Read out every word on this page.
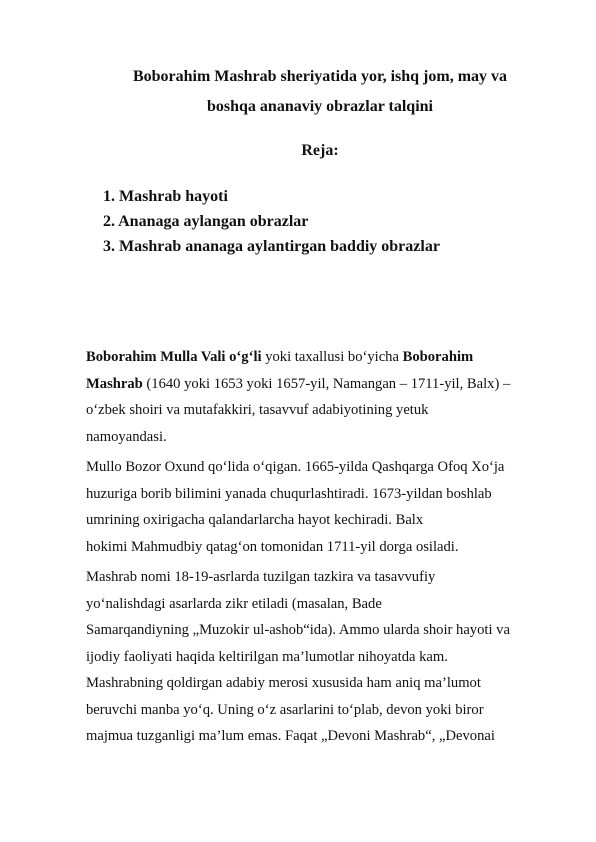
Boborahim Mashrab sheriyatida yor, ishq jom, may va
boshqa ananaviy obrazlar talqini
Reja:
1. Mashrab hayoti
2. Ananaga aylangan obrazlar
3. Mashrab ananaga aylantirgan baddiy obrazlar

Boborahim Mulla Vali o‘g‘li yoki taxallusi bo‘yicha Boborahim
Mashrab (1640 yoki 1653 yoki 1657-yil, Namangan – 1711-yil, Balx) –
o‘zbek shoiri va mutafakkiri, tasavvuf adabiyotining yetuk
namoyandasi.

Mullo Bozor Oxund qo‘lida o‘qigan. 1665-yilda Qashqarga Ofoq Xo‘ja
huzuriga borib bilimini yanada chuqurlashtiradi. 1673-yildan boshlab
umrining oxirigacha qalandarlarcha hayot kechiradi. Balx
hokimi Mahmudbiy qatag‘on tomonidan 1711-yil dorga osiladi.

Mashrab nomi 18-19-asrlarda tuzilgan tazkira va tasavvufiy
yo‘nalishdagi asarlarda zikr etiladi (masalan, Bade
Samarqandiyning „Muzokir ul-ashob“ida). Ammo ularda shoir hayoti va
ijodiy faoliyati haqida keltirilgan ma’lumotlar nihoyatda kam.
Mashrabning qoldirgan adabiy merosi xususida ham aniq ma’lumot
beruvchi manba yo‘q. Uning o‘z asarlarini to‘plab, devon yoki biror
majmua tuzganligi ma’lum emas. Faqat „Devoni Mashrab“, „Devonai
